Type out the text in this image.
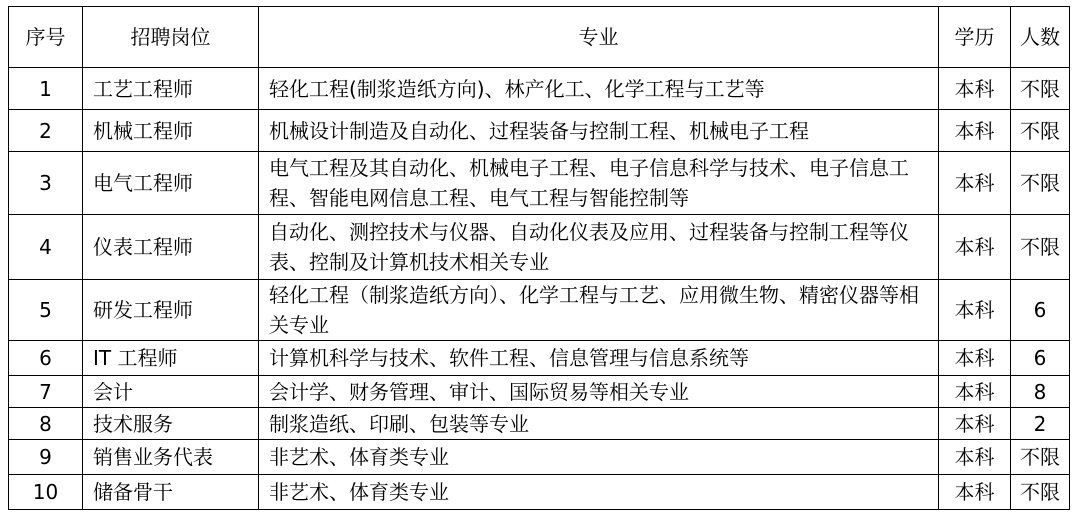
序号	招聘岗位	专业	学历	人数
1	工艺工程师	轻化工程(制浆造纸方向)、林产化工、化学工程与工艺等	本科	不限
2	机械工程师	机械设计制造及自动化、过程装备与控制工程、机械电子工程	本科	不限
3	电气工程师	电气工程及其自动化、机械电子工程、电子信息科学与技术、电子信息工程、智能电网信息工程、电气工程与智能控制等	本科	不限
4	仪表工程师	自动化、测控技术与仪器、自动化仪表及应用、过程装备与控制工程等仪表、控制及计算机技术相关专业	本科	不限
5	研发工程师	轻化工程（制浆造纸方向）、化学工程与工艺、应用微生物、精密仪器等相关专业	本科	6
6	IT 工程师	计算机科学与技术、软件工程、信息管理与信息系统等	本科	6
7	会计	会计学、财务管理、审计、国际贸易等相关专业	本科	8
8	技术服务	制浆造纸、印刷、包装等专业	本科	2
9	销售业务代表	非艺术、体育类专业	本科	不限
10	储备骨干	非艺术、体育类专业	本科	不限
